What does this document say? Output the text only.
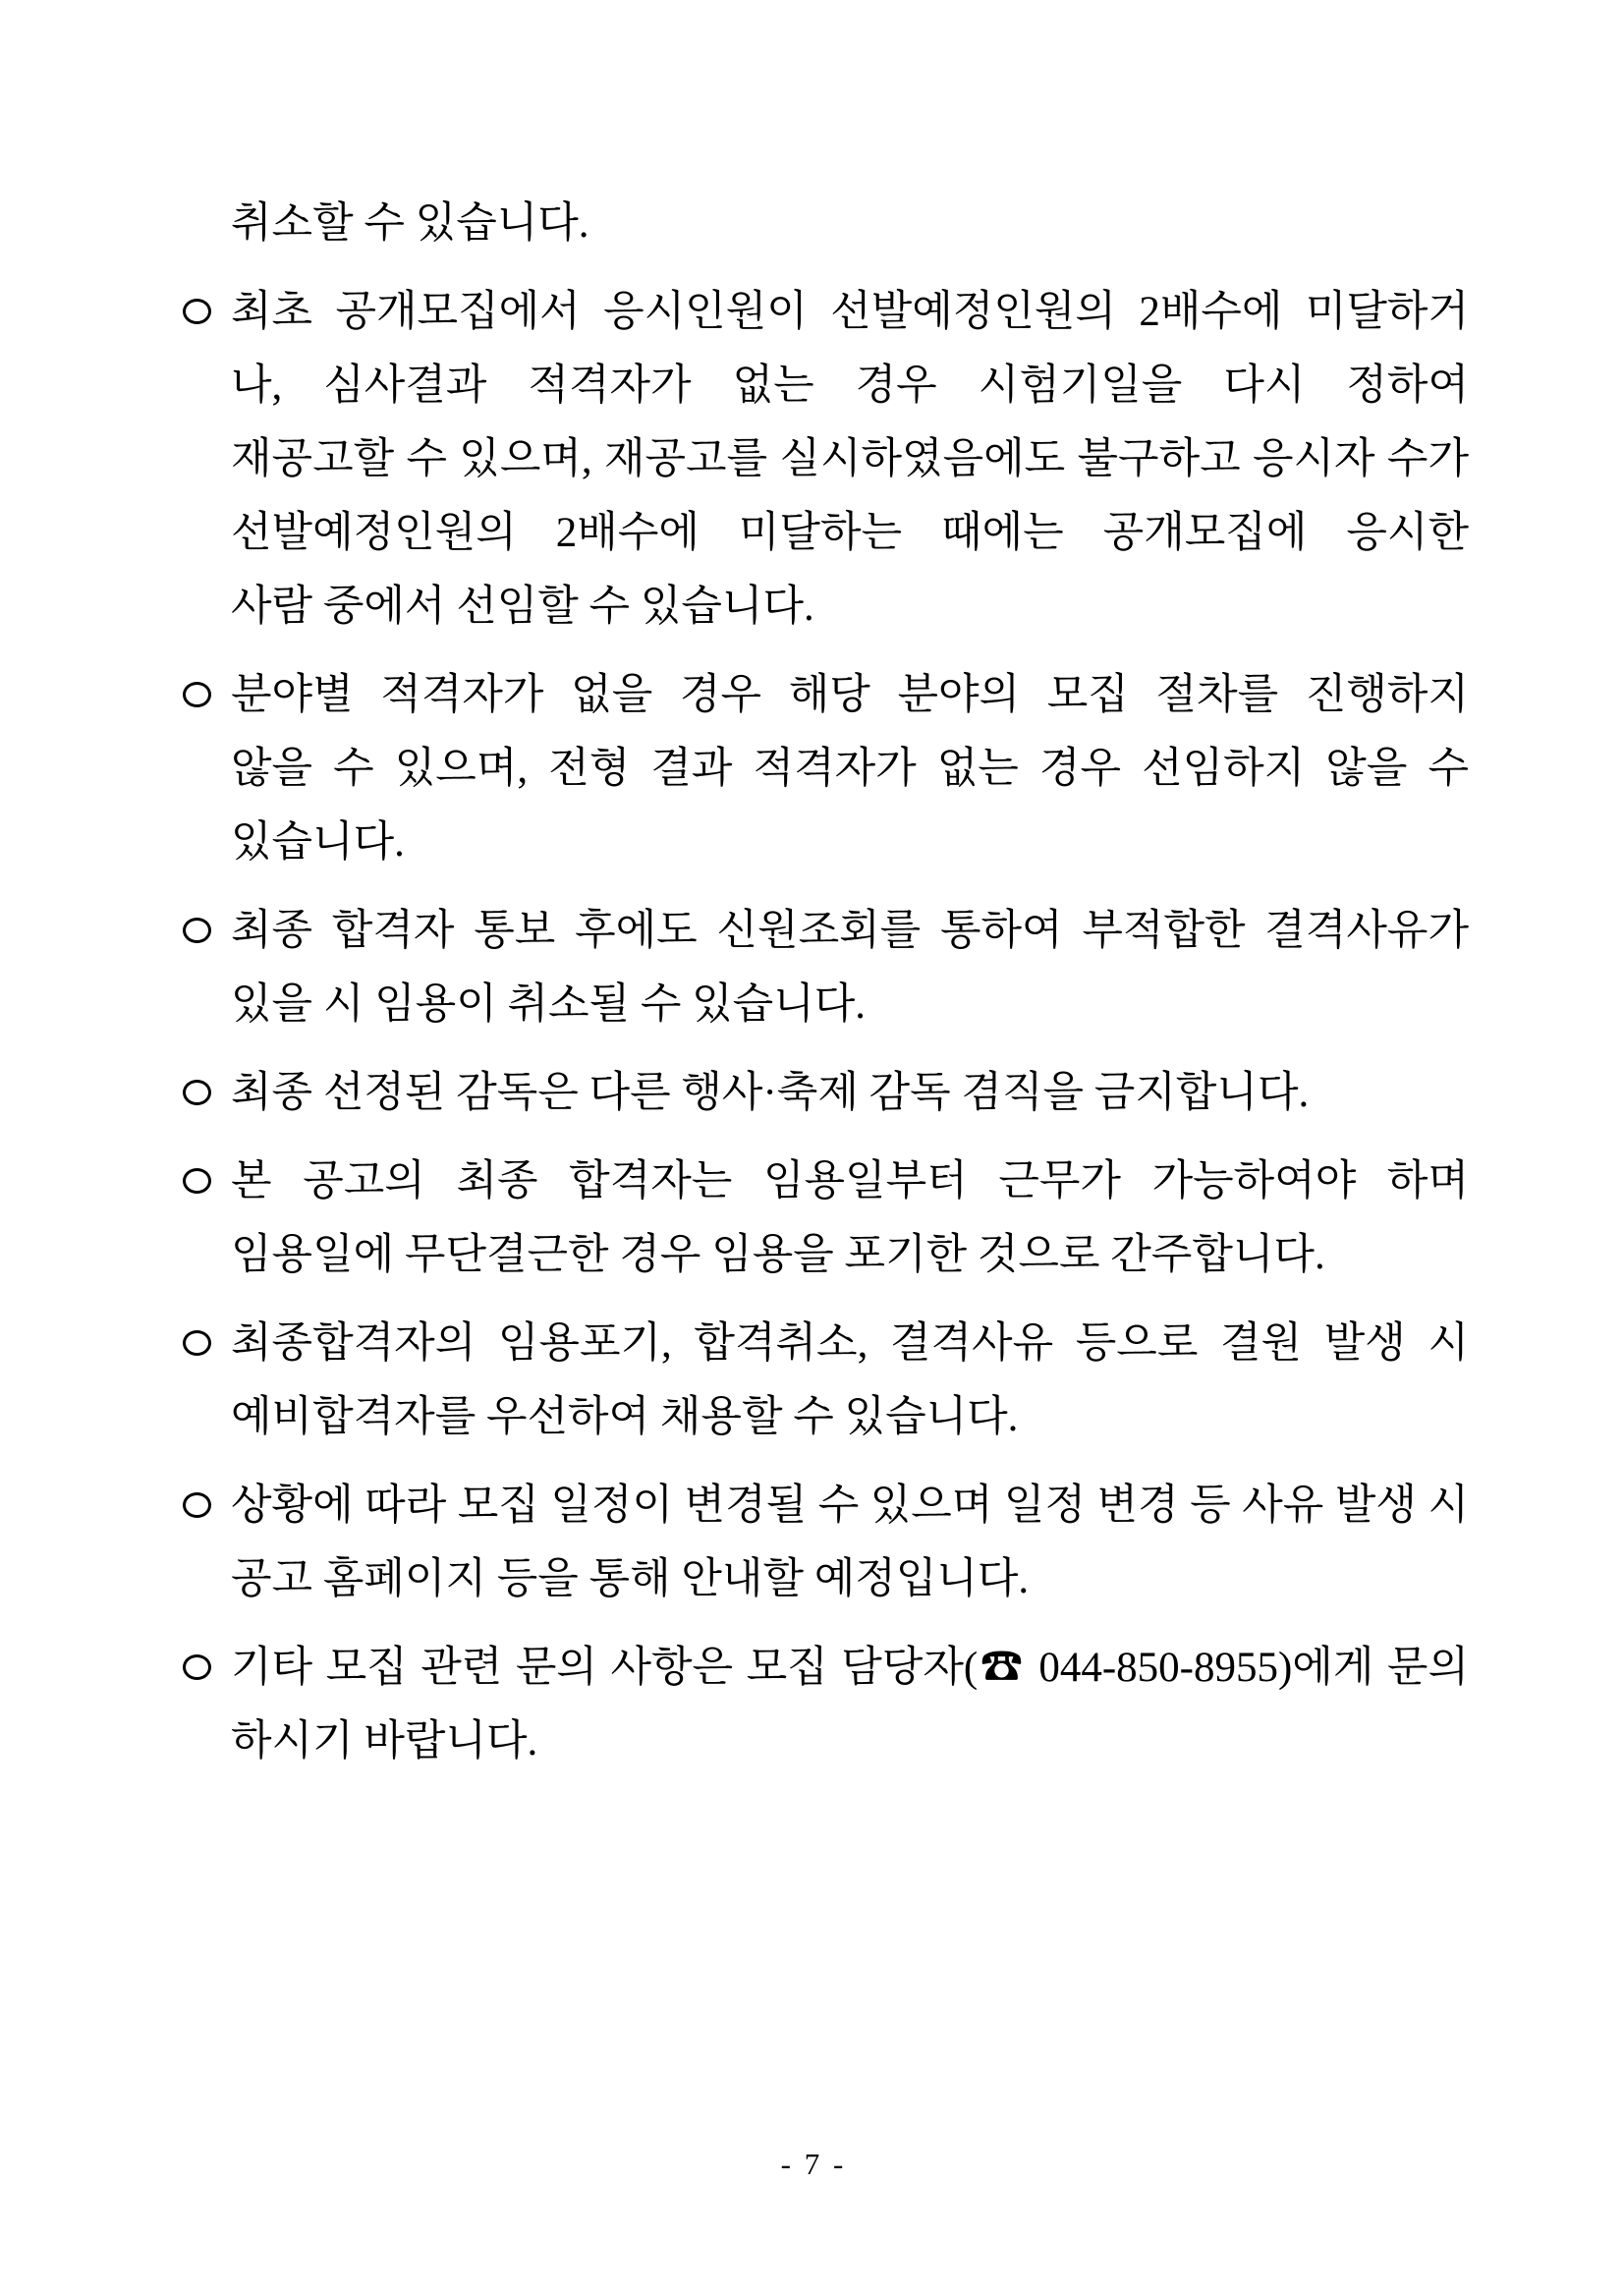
취소할 수 있습니다.
최초 공개모집에서 응시인원이 선발예정인원의 2배수에 미달하거
나, 심사결과 적격자가 없는 경우 시험기일을 다시 정하여
재공고할 수 있으며, 재공고를 실시하였음에도 불구하고 응시자 수가
선발예정인원의 2배수에 미달하는 때에는 공개모집에 응시한
사람 중에서 선임할 수 있습니다.
분야별 적격자가 없을 경우 해당 분야의 모집 절차를 진행하지
않을 수 있으며, 전형 결과 적격자가 없는 경우 선임하지 않을 수
있습니다.
최종 합격자 통보 후에도 신원조회를 통하여 부적합한 결격사유가
있을 시 임용이 취소될 수 있습니다.
최종 선정된 감독은 다른 행사·축제 감독 겸직을 금지합니다.
본 공고의 최종 합격자는 임용일부터 근무가 가능하여야 하며
임용일에 무단결근한 경우 임용을 포기한 것으로 간주합니다.
최종합격자의 임용포기, 합격취소, 결격사유 등으로 결원 발생 시
예비합격자를 우선하여 채용할 수 있습니다.
상황에 따라 모집 일정이 변경될 수 있으며 일정 변경 등 사유 발생 시
공고 홈페이지 등을 통해 안내할 예정입니다.
기타 모집 관련 문의 사항은 모집 담당자(☎ 044-850-8955)에게 문의
하시기 바랍니다.
- 7 -
